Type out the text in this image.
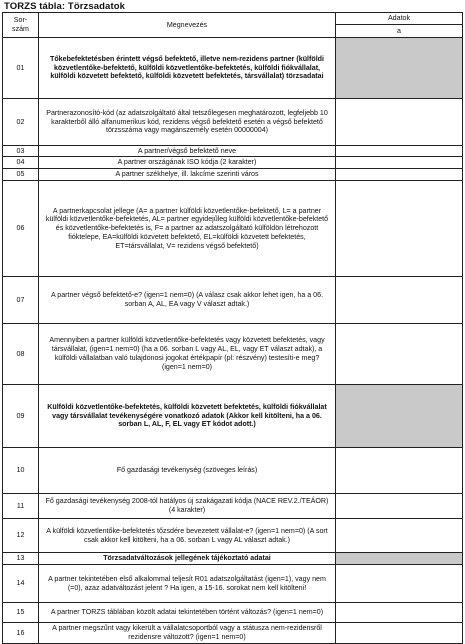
TORZS tábla: Törzsadatok
Sor-
szám	Megnevezés	Adatok
		a
01	Tőkebefektetésben érintett végső befektető, illetve nem-rezidens partner (külföldi közvetlentőke-befektető, külföldi közvetlentőke-befektetés, külföldi fiókvállalat, külföldi közvetett befektető, külföldi közvetett befektetés, társvállalat) törzsadatai	
02	Partnerazonosító-kód (az adatszolgáltató által tetszőlegesen meghatározott, legfeljebb 10 karakterből álló alfanumerikus kód, rezidens végső befektető esetén a végső befektető törzsszáma vagy magánszemély esetén 00000004)	
03	A partner/végső befektető neve	
04	A partner országának ISO kódja (2 karakter)	
05	A partner székhelye, ill. lakcíme szerinti város	
06	A partnerkapcsolat jellege (A= a partner külföldi közvetlentőke-befektető, L= a partner külföldi közvetlentőke-befektetés, AL= partner egyidejűleg külföldi közvetlentőke-befektető és közvetlentőke-befektetés is, F= a partner az adatszolgáltató külföldön létrehozott fióktelepe, EA=külföldi közvetett befektető, EL=külföldi közvetett befektetés, ET=társvállalat, V= rezidens végső befektető)	
07	A partner végső befektető-e? (igen=1 nem=0) (A válasz csak akkor lehet igen, ha a 06. sorban A, AL, EA vagy V választ adtak.)	
08	Amennyiben a partner külföldi közvetlentőke-befektetés vagy közvetett befektetés, vagy társvállalat, (igen=1 nem=0) (ha a 06. sorban L vagy AL, EL, vagy ET választ adtak), a külföldi vállalatban való tulajdonosi jogokat értékpapír (pl: részvény) testesíti-e meg? (igen=1 nem=0)	
09	Külföldi közvetlentőke-befektetés, külföldi közvetett befektetés, külföldi fiókvállalat vagy társvállalat tevékenységére vonatkozó adatok (Akkor kell kitölteni, ha a 06. sorban L, AL, F, EL vagy ET kódot adott.)	
10	Fő gazdasági tevékenység (szöveges leírás)	
11	Fő gazdasági tevékenység 2008-tól hatályos új szakágazati kódja (NACE REV.2./TEÁOR) (4 karakter)	
12	A külföldi közvetlentőke-befektetés tőzsdére bevezetett vállalat-e? (igen=1 nem=0) (A sort csak akkor kell kitölteni, ha a 06. sorban L vagy AL választ adtak.)	
13	Törzsadatváltozások jellegének tájékoztató adatai	
14	A partner tekintetében első alkalommal teljesít R01 adatszolgáltatást (igen=1), vagy nem (=0), azaz adatváltozást jelent ? Ha igen, a 15-16. sorokat nem kell kitölteni!	
15	A partner TORZS táblában közölt adatai tekintetében történt változás? (igen=1 nem=0)	
16	A partner megszűnt vagy kikerült a vállalatcsoportból vagy a státusza nem-rezidensről rezidensre változott? (igen=1 nem=0)	
